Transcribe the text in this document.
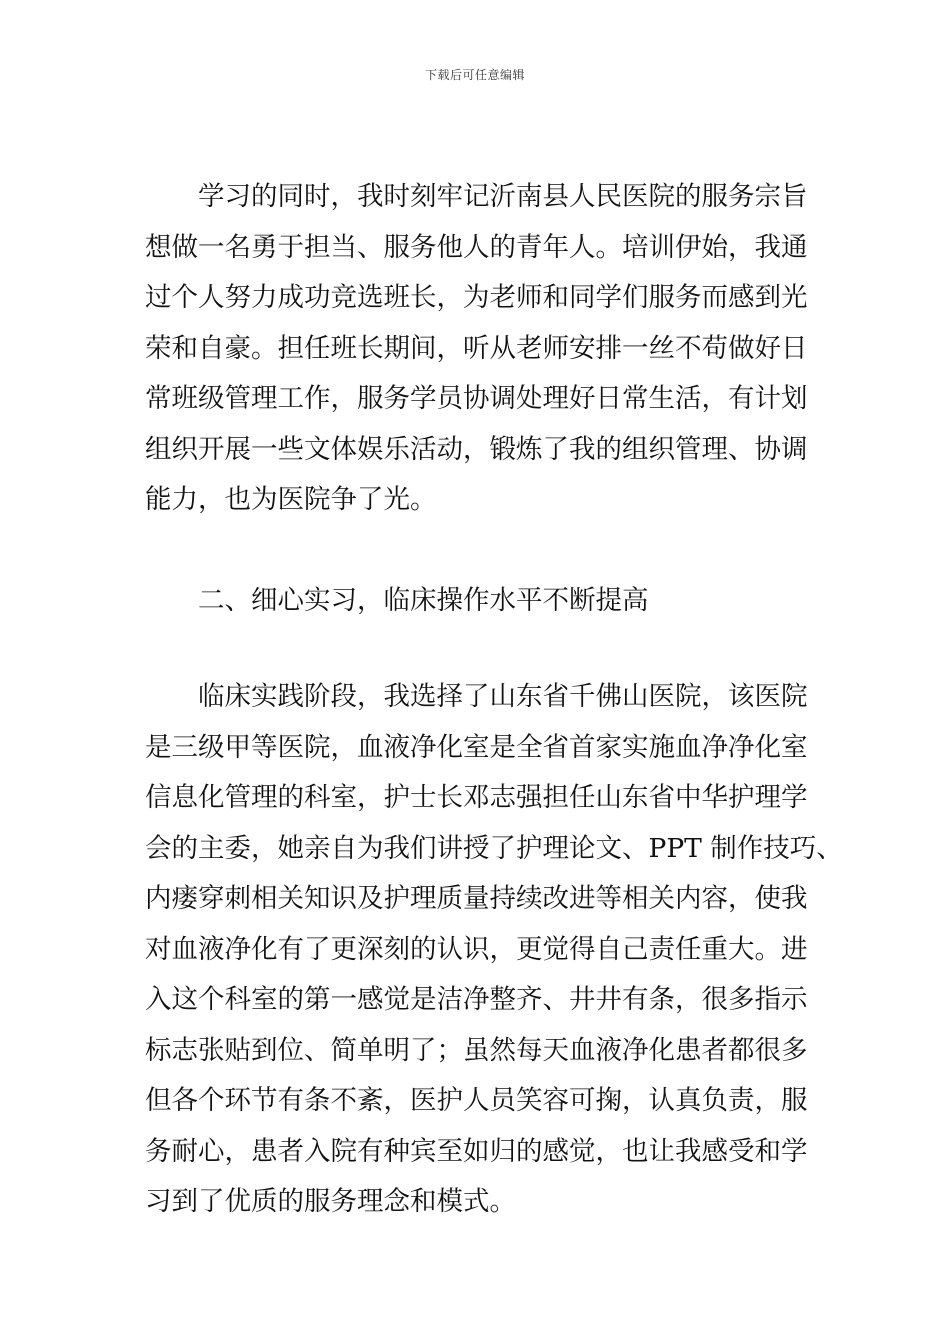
下载后可任意编辑
学习的同时，我时刻牢记沂南县人民医院的服务宗旨
想做一名勇于担当、服务他人的青年人。培训伊始，我通
过个人努力成功竞选班长，为老师和同学们服务而感到光
荣和自豪。担任班长期间，听从老师安排一丝不苟做好日
常班级管理工作，服务学员协调处理好日常生活，有计划
组织开展一些文体娱乐活动，锻炼了我的组织管理、协调
能力，也为医院争了光。
二、细心实习，临床操作水平不断提高
临床实践阶段，我选择了山东省千佛山医院，该医院
是三级甲等医院，血液净化室是全省首家实施血净净化室
信息化管理的科室，护士长邓志强担任山东省中华护理学
会的主委，她亲自为我们讲授了护理论文、PPT 制作技巧、
内瘘穿刺相关知识及护理质量持续改进等相关内容，使我
对血液净化有了更深刻的认识，更觉得自己责任重大。进
入这个科室的第一感觉是洁净整齐、井井有条，很多指示
标志张贴到位、简单明了；虽然每天血液净化患者都很多
但各个环节有条不紊，医护人员笑容可掬，认真负责，服
务耐心，患者入院有种宾至如归的感觉，也让我感受和学
习到了优质的服务理念和模式。
